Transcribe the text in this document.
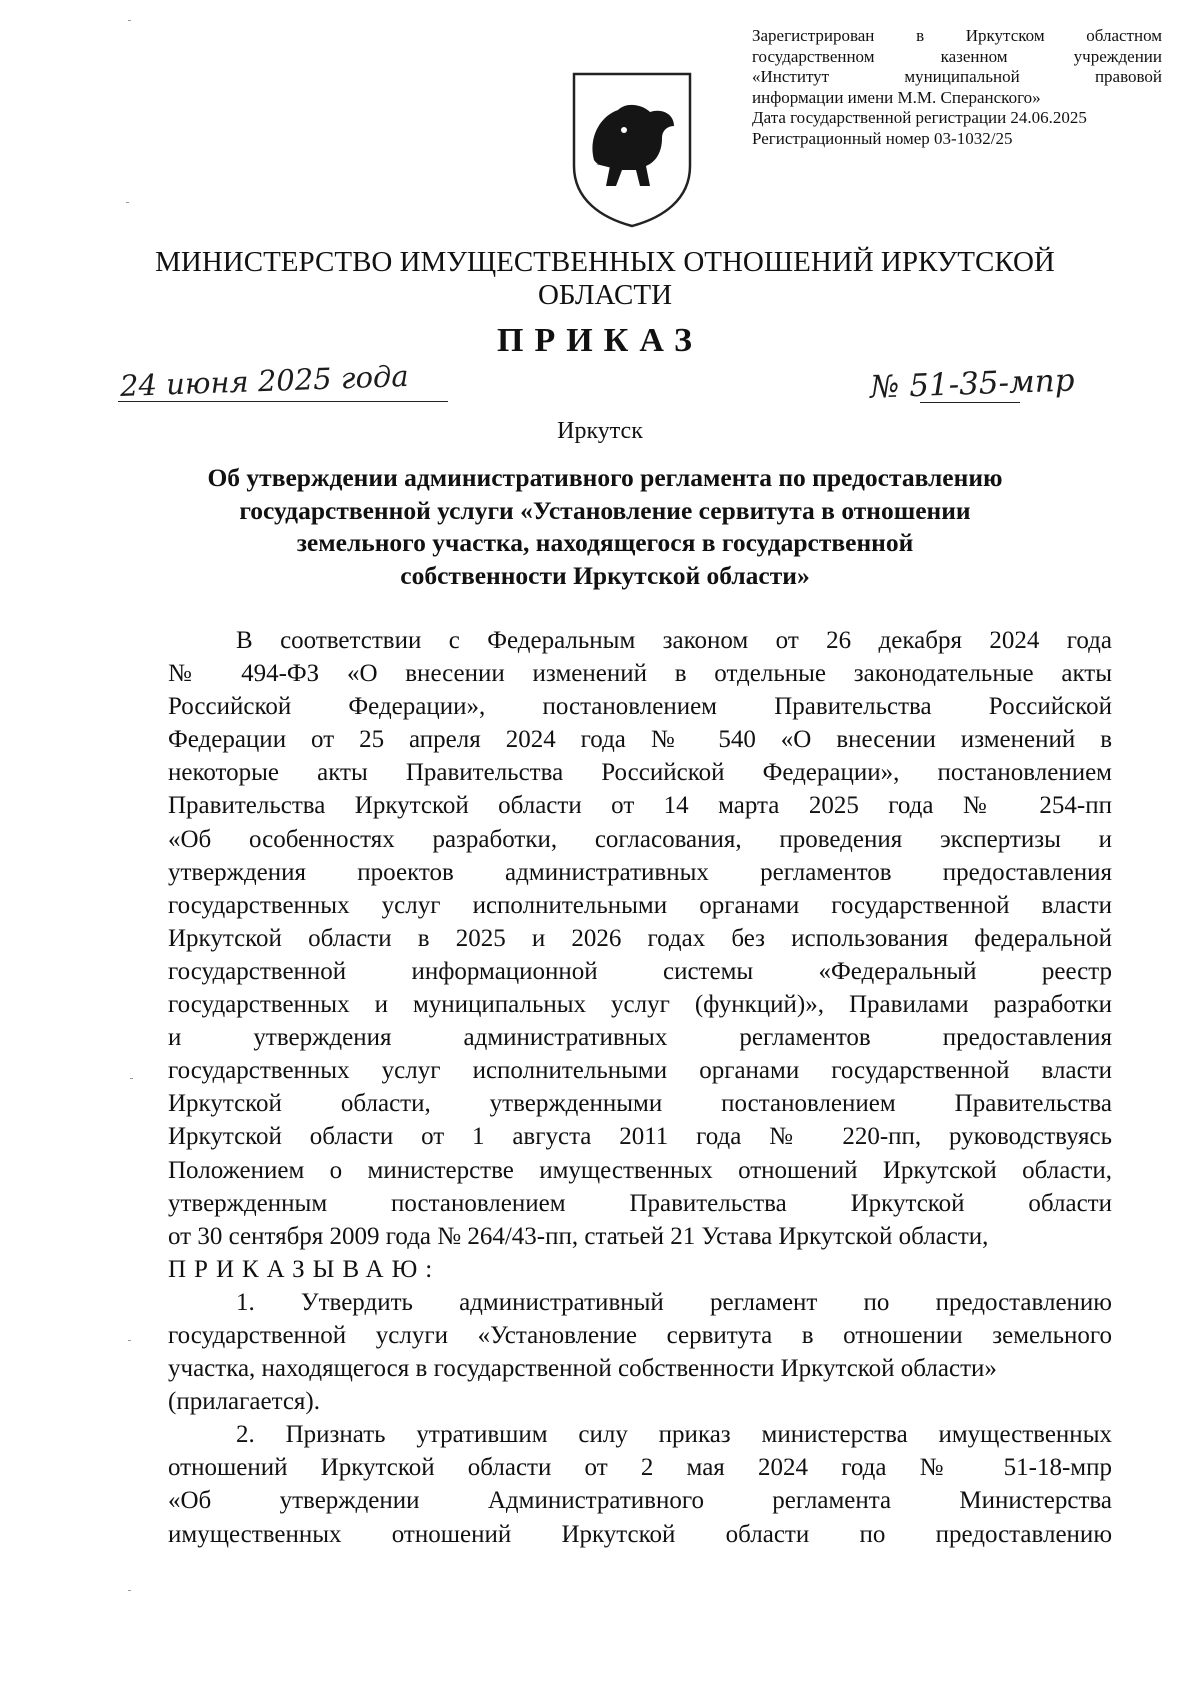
Зарегистрирован в Иркутском областном
государственном казенном учреждении
«Институт муниципальной правовой
информации имени М.М. Сперанского»
Дата государственной регистрации 24.06.2025
Регистрационный номер 03-1032/25
МИНИСТЕРСТВО ИМУЩЕСТВЕННЫХ ОТНОШЕНИЙ ИРКУТСКОЙ
ОБЛАСТИ
ПРИКАЗ
24 июня 2025 года	№ 51-35-мпр
Иркутск
Об утверждении административного регламента по предоставлению
государственной услуги «Установление сервитута в отношении
земельного участка, находящегося в государственной
собственности Иркутской области»
В соответствии с Федеральным законом от 26 декабря 2024 года
№ 494-ФЗ «О внесении изменений в отдельные законодательные акты
Российской Федерации», постановлением Правительства Российской
Федерации от 25 апреля 2024 года № 540 «О внесении изменений в
некоторые акты Правительства Российской Федерации», постановлением
Правительства Иркутской области от 14 марта 2025 года № 254-пп
«Об особенностях разработки, согласования, проведения экспертизы и
утверждения проектов административных регламентов предоставления
государственных услуг исполнительными органами государственной власти
Иркутской области в 2025 и 2026 годах без использования федеральной
государственной информационной системы «Федеральный реестр
государственных и муниципальных услуг (функций)», Правилами разработки
и утверждения административных регламентов предоставления
государственных услуг исполнительными органами государственной власти
Иркутской области, утвержденными постановлением Правительства
Иркутской области от 1 августа 2011 года № 220-пп, руководствуясь
Положением о министерстве имущественных отношений Иркутской области,
утвержденным постановлением Правительства Иркутской области
от 30 сентября 2009 года № 264/43-пп, статьей 21 Устава Иркутской области,
ПРИКАЗЫВАЮ:
1. Утвердить административный регламент по предоставлению
государственной услуги «Установление сервитута в отношении земельного
участка, находящегося в государственной собственности Иркутской области»
(прилагается).
2. Признать утратившим силу приказ министерства имущественных
отношений Иркутской области от 2 мая 2024 года № 51-18-мпр
«Об утверждении Административного регламента Министерства
имущественных отношений Иркутской области по предоставлению
